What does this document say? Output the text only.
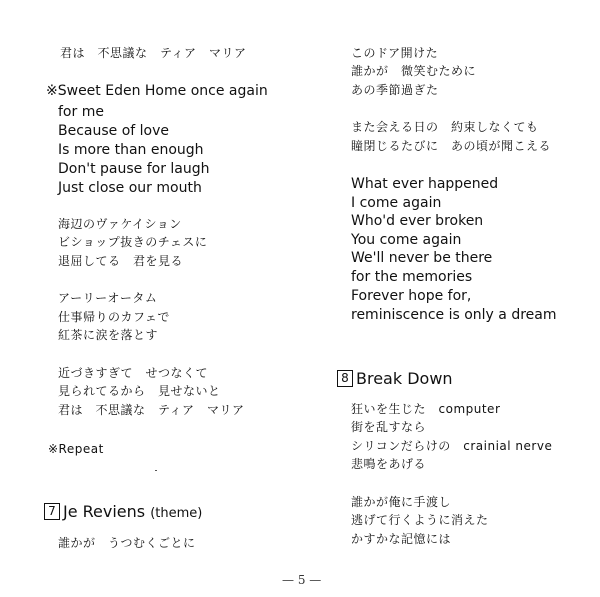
君は　不思議な　ティア　マリア
※Sweet Eden Home once again
for me
Because of love
Is more than enough
Don't pause for laugh
Just close our mouth
海辺のヴァケイション
ビショップ抜きのチェスに
退屈してる　君を見る
アーリーオータム
仕事帰りのカフェで
紅茶に涙を落とす
近づきすぎて　せつなくて
見られてるから　見せないと
君は　不思議な　ティア　マリア
※Repeat
7 Je Reviens (theme)
誰かが　うつむくごとに
このドア開けた
誰かが　微笑むために
あの季節過ぎた
また会える日の　約束しなくても
瞳閉じるたびに　あの頃が聞こえる
What ever happened
I come again
Who'd ever broken
You come again
We'll never be there
for the memories
Forever hope for,
reminiscence is only a dream
8 Break Down
狂いを生じた　computer
街を乱すなら
シリコンだらけの　crainial nerve
悲鳴をあげる
誰かが俺に手渡し
逃げて行くように消えた
かすかな記憶には
— 5 —
